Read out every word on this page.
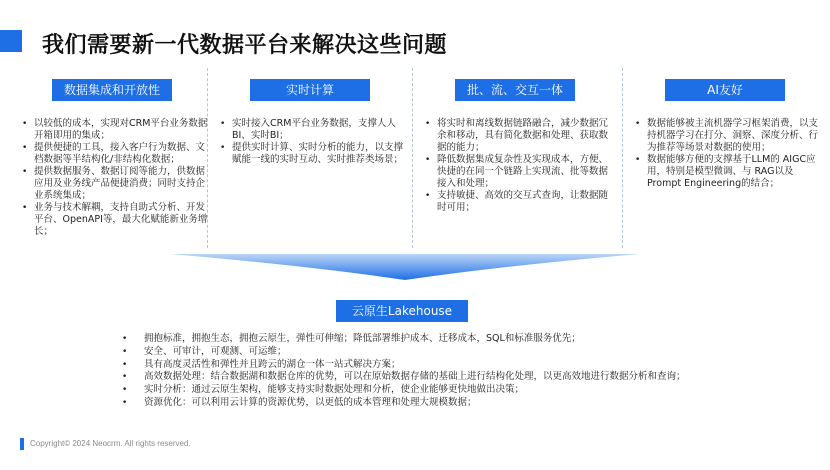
我们需要新一代数据平台来解决这些问题
数据集成和开放性
• 以较低的成本，实现对CRM平台业务数据开箱即用的集成；
• 提供便捷的工具，接入客户行为数据、文档数据等半结构化/非结构化数据；
• 提供数据服务、数据订阅等能力，供数据应用及业务线产品便捷消费；同时支持企业系统集成；
• 业务与技术解耦，支持自助式分析、开发平台、OpenAPI等，最大化赋能新业务增长；
实时计算
• 实时接入CRM平台业务数据，支撑人人BI、实时BI；
• 提供实时计算、实时分析的能力，以支撑赋能一线的实时互动、实时推荐类场景；
批、流、交互一体
• 将实时和离线数据链路融合，减少数据冗余和移动，具有简化数据和处理、获取数据的能力；
• 降低数据集成复杂性及实现成本，方便、快捷的在同一个链路上实现流、批等数据接入和处理；
• 支持敏捷、高效的交互式查询，让数据随时可用；
AI友好
• 数据能够被主流机器学习框架消费，以支持机器学习在打分、洞察、深度分析、行为推荐等场景对数据的使用；
• 数据能够方便的支撑基于LLM的 AIGC应用，特别是模型微调、与 RAG以及Prompt Engineering的结合；
云原生Lakehouse
• 拥抱标准，拥抱生态，拥抱云原生，弹性可伸缩；降低部署维护成本、迁移成本，SQL和标准服务优先；
• 安全、可审计，可观测、可运维；
• 具有高度灵活性和弹性并且跨云的湖仓一体一站式解决方案；
• 高效数据处理：结合数据湖和数据仓库的优势，可以在原始数据存储的基础上进行结构化处理，以更高效地进行数据分析和查询；
• 实时分析：通过云原生架构，能够支持实时数据处理和分析，使企业能够更快地做出决策；
• 资源优化：可以利用云计算的资源优势，以更低的成本管理和处理大规模数据；
Copyright© 2024 Neocrm. All rights reserved.
